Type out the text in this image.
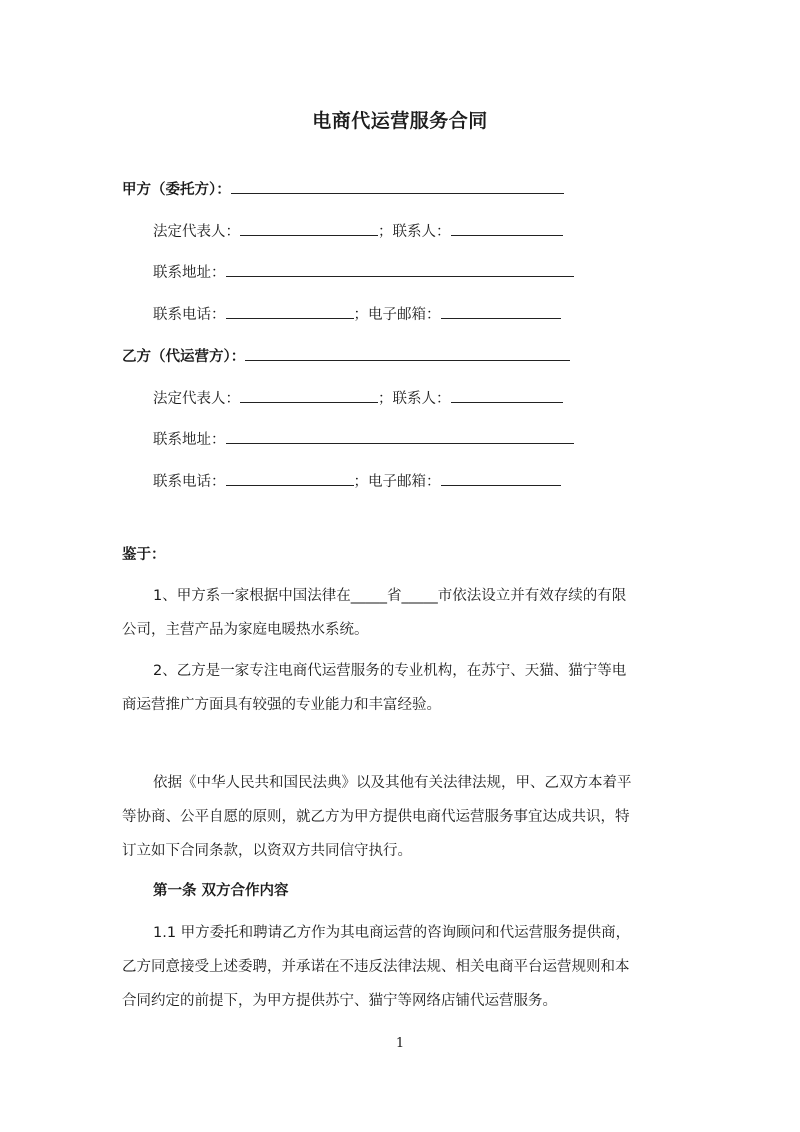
电商代运营服务合同
甲方（委托方）：
法定代表人：	；联系人：
联系地址：
联系电话：	；电子邮箱：
乙方（代运营方）：
法定代表人：	；联系人：
联系地址：
联系电话：	；电子邮箱：
鉴于：
1、甲方系一家根据中国法律在_____省_____市依法设立并有效存续的有限
公司，主营产品为家庭电暖热水系统。
2、乙方是一家专注电商代运营服务的专业机构，在苏宁、天猫、猫宁等电
商运营推广方面具有较强的专业能力和丰富经验。
依据《中华人民共和国民法典》以及其他有关法律法规，甲、乙双方本着平
等协商、公平自愿的原则，就乙方为甲方提供电商代运营服务事宜达成共识，特
订立如下合同条款，以资双方共同信守执行。
第一条 双方合作内容
1.1 甲方委托和聘请乙方作为其电商运营的咨询顾问和代运营服务提供商，
乙方同意接受上述委聘，并承诺在不违反法律法规、相关电商平台运营规则和本
合同约定的前提下，为甲方提供苏宁、猫宁等网络店铺代运营服务。
1
